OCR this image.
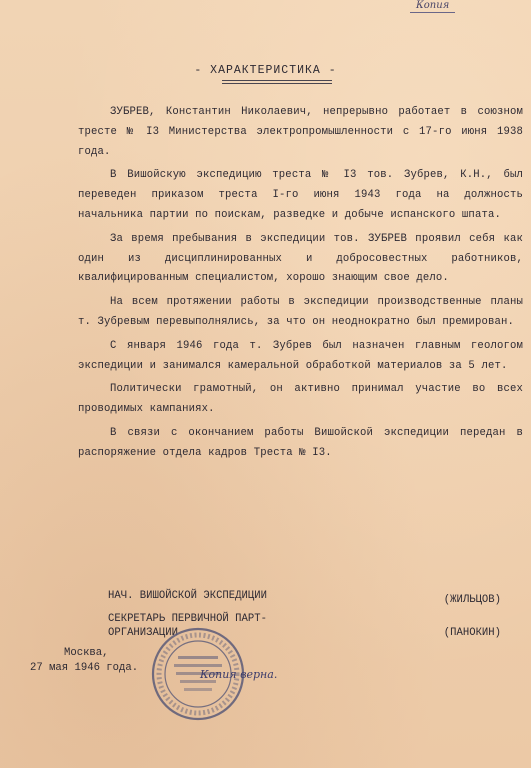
Копия
- ХАРАКТЕРИСТИКА -

ЗУБРЕВ, Константин Николаевич, непрерывно работает в союзном тресте № I3 Министерства электропромышленности с 17-го июня 1938 года.

В Вишойскую экспедицию треста № I3 тов. Зубрев, К.Н., был переведен приказом треста I-го июня 1943 года на должность начальника партии по поискам, разведке и добыче испанского шпата.

За время пребывания в экспедиции тов. ЗУБРЕВ проявил себя как один из дисциплинированных и добросовестных работников, квалифицированным специалистом, хорошо знающим свое дело.

На всем протяжении работы в экспедиции производственные планы т. Зубревым перевыполнялись, за что он неоднократно был премирован.

С января 1946 года т. Зубрев был назначен главным геологом экспедиции и занимался камеральной обработкой материалов за 5 лет.

Политически грамотный, он активно принимал участие во всех проводимых кампаниях.

В связи с окончанием работы Вишойской экспедиции передан в распоряжение отдела кадров Треста № I3.

НАЧ. ВИШОЙСКОЙ ЭКСПЕДИЦИИ	(ЖИЛЬЦОВ)
СЕКРЕТАРЬ ПЕРВИЧНОЙ ПАРТ-ОРГАНИЗАЦИИ	(ПАНОКИН)
Москва,
27 мая 1946 года.	Копия верна.
